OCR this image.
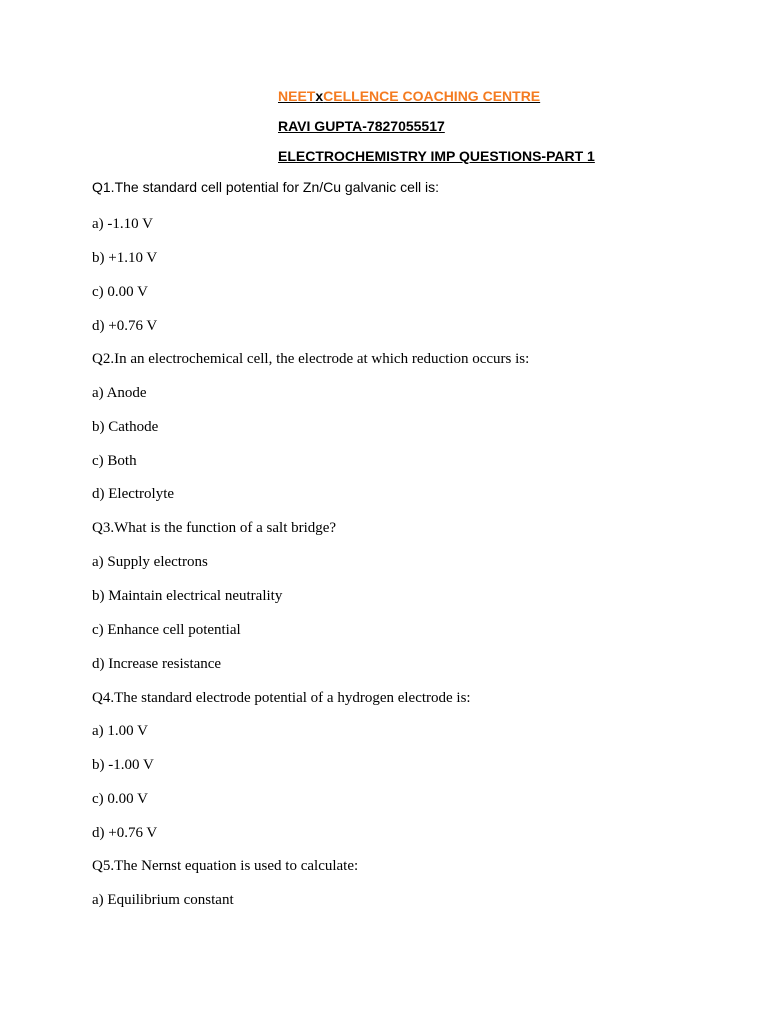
NEETxCELLENCE COACHING CENTRE
RAVI GUPTA-7827055517
ELECTROCHEMISTRY IMP QUESTIONS-PART 1
Q1.The standard cell potential for Zn/Cu galvanic cell is:
a) -1.10 V
b) +1.10 V
c) 0.00 V
d) +0.76 V
Q2.In an electrochemical cell, the electrode at which reduction occurs is:
a) Anode
b) Cathode
c) Both
d) Electrolyte
Q3.What is the function of a salt bridge?
a) Supply electrons
b) Maintain electrical neutrality
c) Enhance cell potential
d) Increase resistance
Q4.The standard electrode potential of a hydrogen electrode is:
a) 1.00 V
b) -1.00 V
c) 0.00 V
d) +0.76 V
Q5.The Nernst equation is used to calculate:
a) Equilibrium constant
